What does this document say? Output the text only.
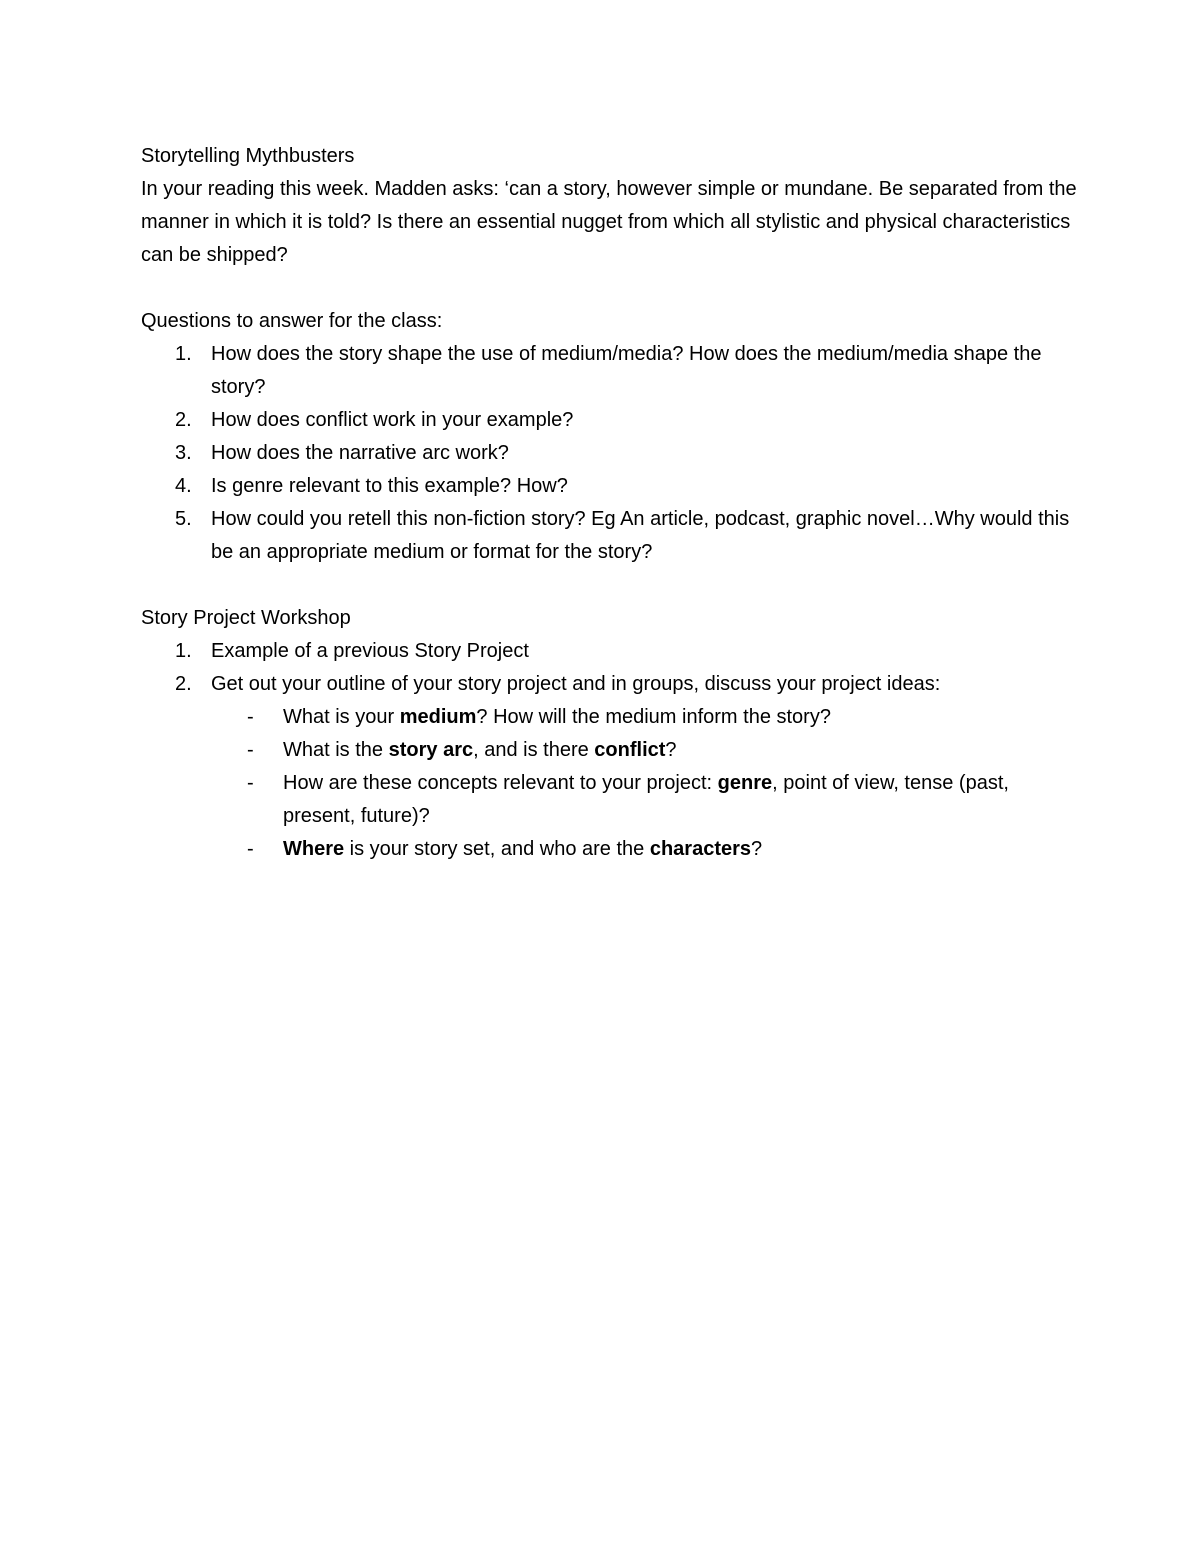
Storytelling Mythbusters

In your reading this week. Madden asks: ‘can a story, however simple or mundane. Be separated from the manner in which it is told? Is there an essential nugget from which all stylistic and physical characteristics can be shipped?

Questions to answer for the class:

1. How does the story shape the use of medium/media? How does the medium/media shape the story?
2. How does conflict work in your example?
3. How does the narrative arc work?
4. Is genre relevant to this example? How?
5. How could you retell this non-fiction story? Eg An article, podcast, graphic novel…Why would this be an appropriate medium or format for the story?

Story Project Workshop

1. Example of a previous Story Project
2. Get out your outline of your story project and in groups, discuss your project ideas:
- What is your medium? How will the medium inform the story?
- What is the story arc, and is there conflict?
- How are these concepts relevant to your project: genre, point of view, tense (past, present, future)?
- Where is your story set, and who are the characters?
